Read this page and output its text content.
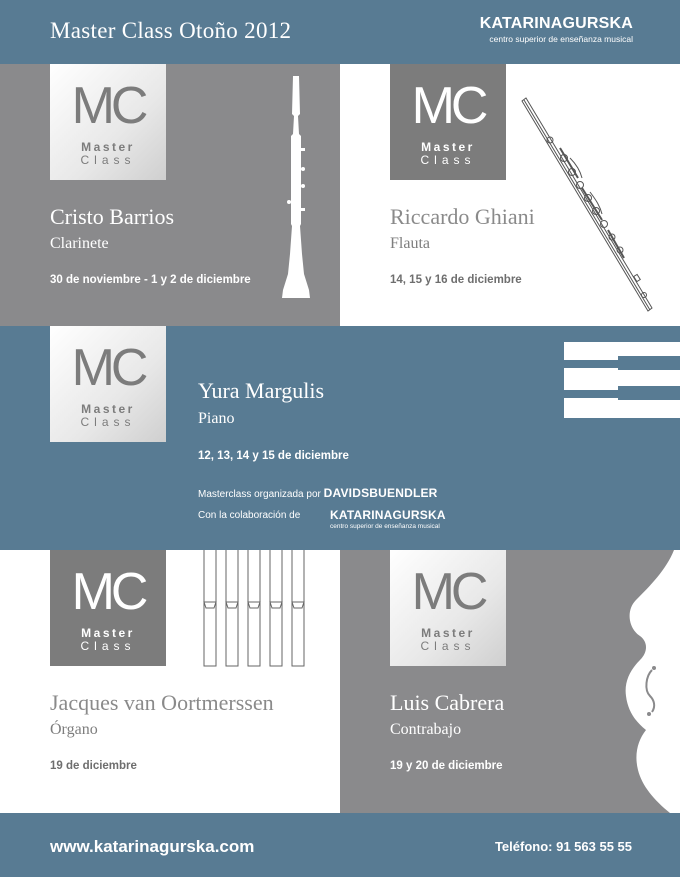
Master Class Otoño 2012	KATARINAGURSKA
centro superior de enseñanza musical
MC
Master
Class
Cristo Barrios
Clarinete
30 de noviembre - 1 y 2 de diciembre
MC
Master
Class
Riccardo Ghiani
Flauta
14, 15 y 16 de diciembre
MC
Master
Class
Yura Margulis
Piano
12, 13, 14 y 15 de diciembre
Masterclass organizada por DAVIDSBUENDLER
Con la colaboración de KATARINAGURSKA
centro superior de enseñanza musical
MC
Master
Class
Jacques van Oortmerssen
Órgano
19 de diciembre
MC
Master
Class
Luis Cabrera
Contrabajo
19 y 20 de diciembre
www.katarinagurska.com	Teléfono: 91 563 55 55
